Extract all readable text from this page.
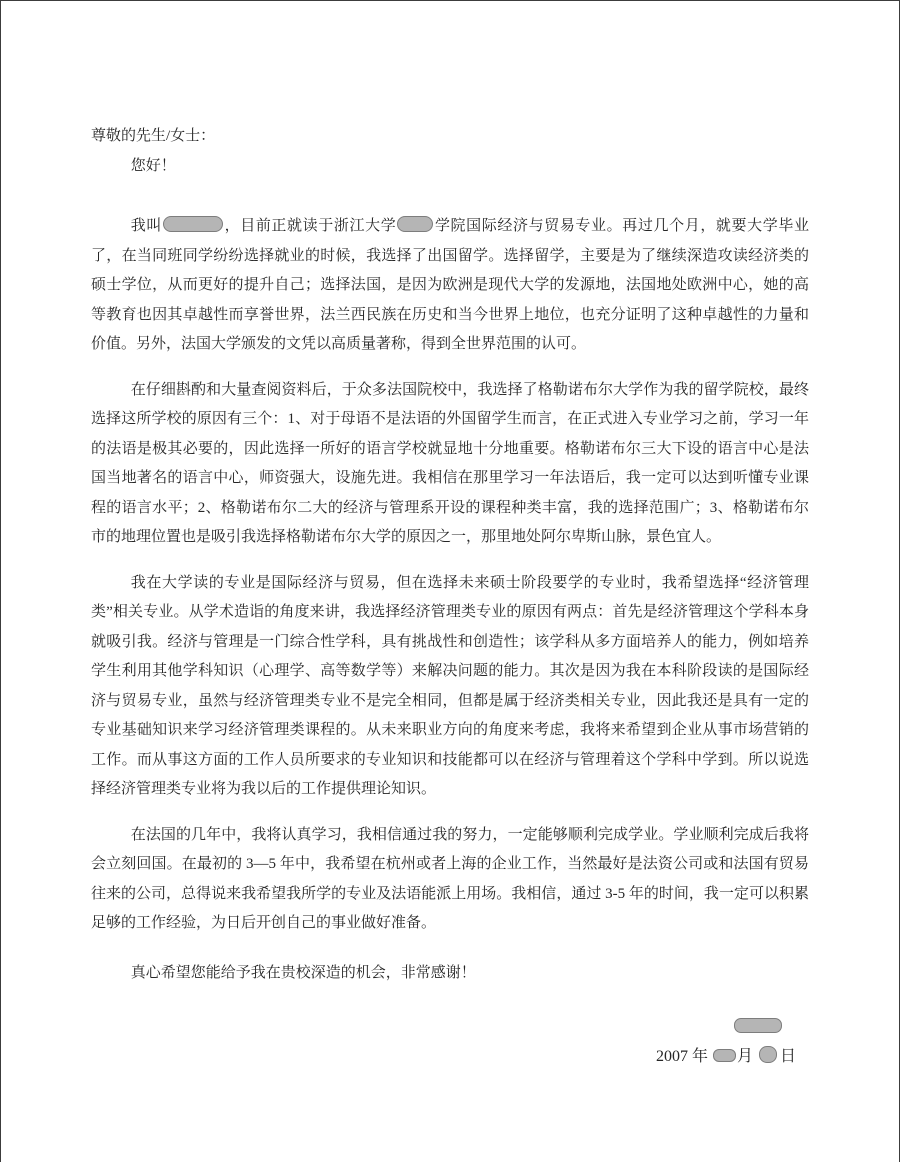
尊敬的先生/女士：

您好！

我叫	，目前正就读于浙江大学	学院国际经济与贸易专业。再过几个月，就要大学毕业了，在当同班同学纷纷选择就业的时候，我选择了出国留学。选择留学，主要是为了继续深造攻读经济类的硕士学位，从而更好的提升自己；选择法国，是因为欧洲是现代大学的发源地，法国地处欧洲中心，她的高等教育也因其卓越性而享誉世界，法兰西民族在历史和当今世界上地位，也充分证明了这种卓越性的力量和价值。另外，法国大学颁发的文凭以高质量著称，得到全世界范围的认可。

在仔细斟酌和大量查阅资料后，于众多法国院校中，我选择了格勒诺布尔大学作为我的留学院校，最终选择这所学校的原因有三个：1、对于母语不是法语的外国留学生而言，在正式进入专业学习之前，学习一年的法语是极其必要的，因此选择一所好的语言学校就显地十分地重要。格勒诺布尔三大下设的语言中心是法国当地著名的语言中心，师资强大，设施先进。我相信在那里学习一年法语后，我一定可以达到听懂专业课程的语言水平；2、格勒诺布尔二大的经济与管理系开设的课程种类丰富，我的选择范围广；3、格勒诺布尔市的地理位置也是吸引我选择格勒诺布尔大学的原因之一，那里地处阿尔卑斯山脉，景色宜人。

我在大学读的专业是国际经济与贸易，但在选择未来硕士阶段要学的专业时，我希望选择“经济管理类”相关专业。从学术造诣的角度来讲，我选择经济管理类专业的原因有两点：首先是经济管理这个学科本身就吸引我。经济与管理是一门综合性学科，具有挑战性和创造性；该学科从多方面培养人的能力，例如培养学生利用其他学科知识（心理学、高等数学等）来解决问题的能力。其次是因为我在本科阶段读的是国际经济与贸易专业，虽然与经济管理类专业不是完全相同，但都是属于经济类相关专业，因此我还是具有一定的专业基础知识来学习经济管理类课程的。从未来职业方向的角度来考虑，我将来希望到企业从事市场营销的工作。而从事这方面的工作人员所要求的专业知识和技能都可以在经济与管理着这个学科中学到。所以说选择经济管理类专业将为我以后的工作提供理论知识。

在法国的几年中，我将认真学习，我相信通过我的努力，一定能够顺利完成学业。学业顺利完成后我将会立刻回国。在最初的 3—5 年中，我希望在杭州或者上海的企业工作，当然最好是法资公司或和法国有贸易往来的公司，总得说来我希望我所学的专业及法语能派上用场。我相信，通过 3-5 年的时间，我一定可以积累足够的工作经验，为日后开创自己的事业做好准备。

真心希望您能给予我在贵校深造的机会，非常感谢！

2007 年 月 日
